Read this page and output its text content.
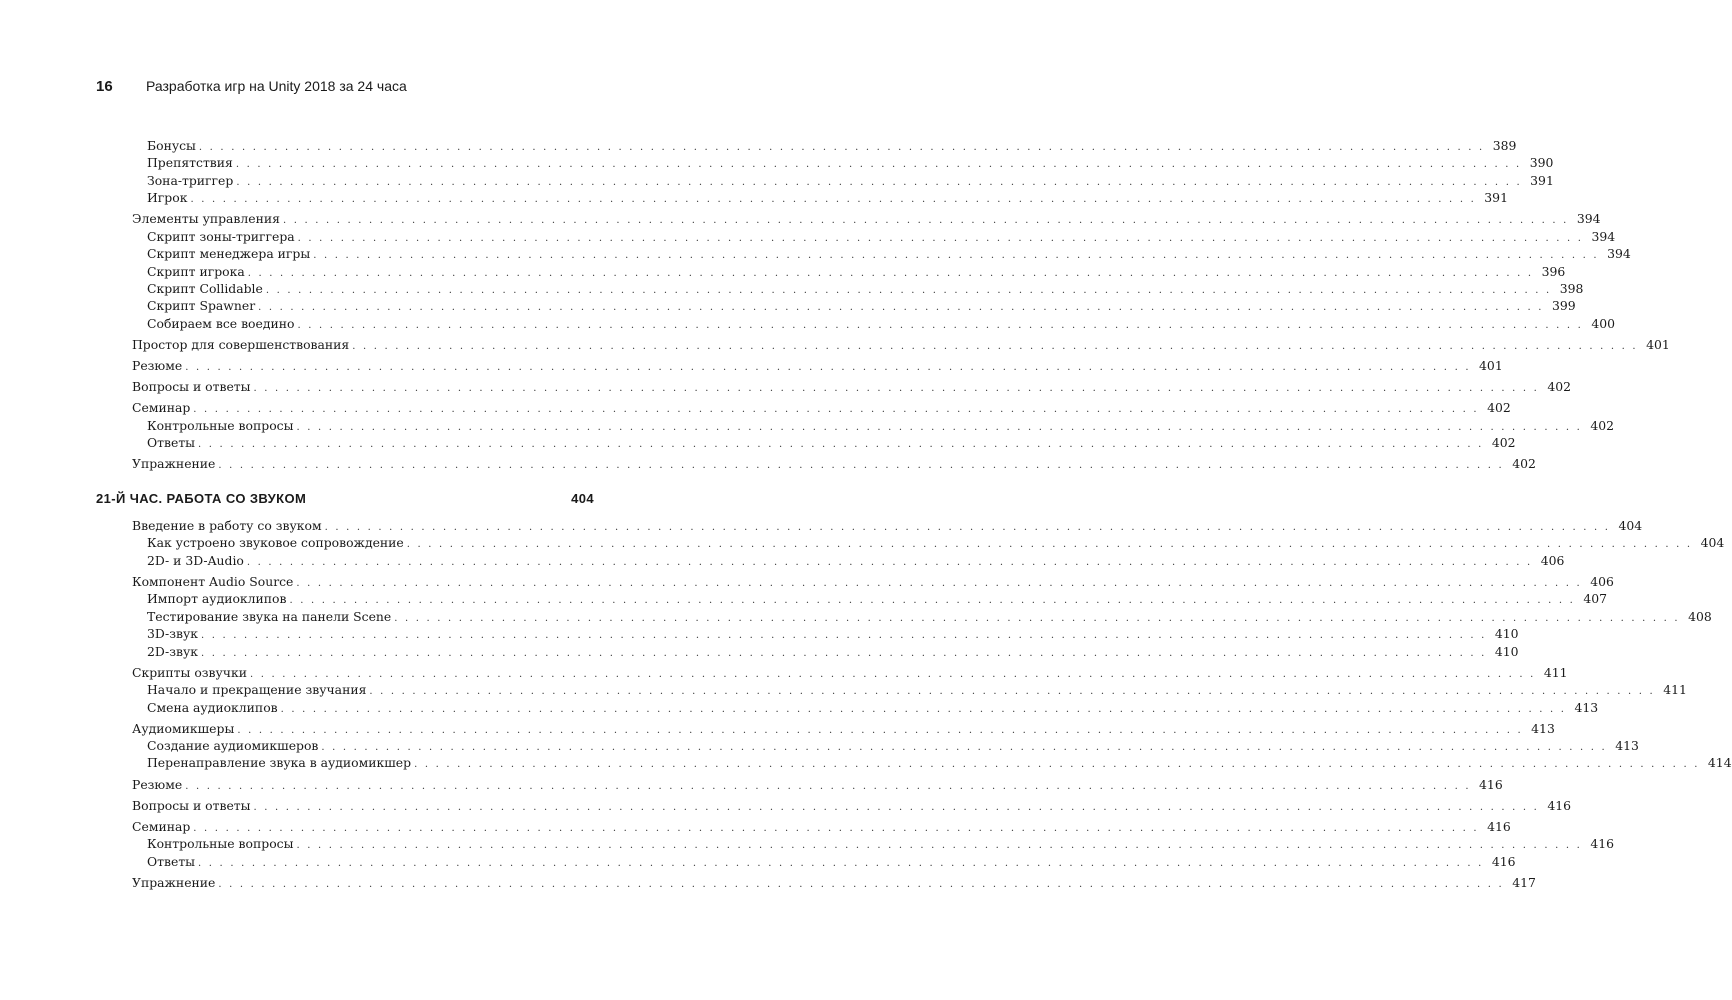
16 Разработка игр на Unity 2018 за 24 часа
Бонусы . . . . . . . . . . . . . . . . . . . . . . . . . . . . . . . . . . . . . . . . . . . . . . . . . . . . . . . . . . . . . . . . . . . . . . . . . . . . . . . . . . . . . . . . . . . . . . . . . . . . . . . . . . . . . . . . . . . . . . . . 389
Препятствия . . . . . . . . . . . . . . . . . . . . . . . . . . . . . . . . . . . . . . . . . . . . . . . . . . . . . . . . . . . . . . . . . . . . . . . . . . . . . . . . . . . . . . . . . . . . . . . . . . . . . . . . . . . . . . . . . . . . . . . . 390
Зона-триггер . . . . . . . . . . . . . . . . . . . . . . . . . . . . . . . . . . . . . . . . . . . . . . . . . . . . . . . . . . . . . . . . . . . . . . . . . . . . . . . . . . . . . . . . . . . . . . . . . . . . . . . . . . . . . . . . . . . . . . . . 391
Игрок . . . . . . . . . . . . . . . . . . . . . . . . . . . . . . . . . . . . . . . . . . . . . . . . . . . . . . . . . . . . . . . . . . . . . . . . . . . . . . . . . . . . . . . . . . . . . . . . . . . . . . . . . . . . . . . . . . . . . . . . 391
Элементы управления . . . . . . . . . . . . . . . . . . . . . . . . . . . . . . . . . . . . . . . . . . . . . . . . . . . . . . . . . . . . . . . . . . . . . . . . . . . . . . . . . . . . . . . . . . . . . . . . . . . . . . . . . . . . . . . . . . . . . . . . 394
Скрипт зоны-триггера . . . . . . . . . . . . . . . . . . . . . . . . . . . . . . . . . . . . . . . . . . . . . . . . . . . . . . . . . . . . . . . . . . . . . . . . . . . . . . . . . . . . . . . . . . . . . . . . . . . . . . . . . . . . . . . . . . . . . . . . 394
Скрипт менеджера игры . . . . . . . . . . . . . . . . . . . . . . . . . . . . . . . . . . . . . . . . . . . . . . . . . . . . . . . . . . . . . . . . . . . . . . . . . . . . . . . . . . . . . . . . . . . . . . . . . . . . . . . . . . . . . . . . . . . . . . . . 394
Скрипт игрока . . . . . . . . . . . . . . . . . . . . . . . . . . . . . . . . . . . . . . . . . . . . . . . . . . . . . . . . . . . . . . . . . . . . . . . . . . . . . . . . . . . . . . . . . . . . . . . . . . . . . . . . . . . . . . . . . . . . . . . . 396
Скрипт Collidable . . . . . . . . . . . . . . . . . . . . . . . . . . . . . . . . . . . . . . . . . . . . . . . . . . . . . . . . . . . . . . . . . . . . . . . . . . . . . . . . . . . . . . . . . . . . . . . . . . . . . . . . . . . . . . . . . . . . . . . . 398
Скрипт Spawner . . . . . . . . . . . . . . . . . . . . . . . . . . . . . . . . . . . . . . . . . . . . . . . . . . . . . . . . . . . . . . . . . . . . . . . . . . . . . . . . . . . . . . . . . . . . . . . . . . . . . . . . . . . . . . . . . . . . . . . . 399
Собираем все воедино . . . . . . . . . . . . . . . . . . . . . . . . . . . . . . . . . . . . . . . . . . . . . . . . . . . . . . . . . . . . . . . . . . . . . . . . . . . . . . . . . . . . . . . . . . . . . . . . . . . . . . . . . . . . . . . . . . . . . . . . 400
Простор для совершенствования . . . . . . . . . . . . . . . . . . . . . . . . . . . . . . . . . . . . . . . . . . . . . . . . . . . . . . . . . . . . . . . . . . . . . . . . . . . . . . . . . . . . . . . . . . . . . . . . . . . . . . . . . . . . . . . . . . . . . . . . 401
Резюме . . . . . . . . . . . . . . . . . . . . . . . . . . . . . . . . . . . . . . . . . . . . . . . . . . . . . . . . . . . . . . . . . . . . . . . . . . . . . . . . . . . . . . . . . . . . . . . . . . . . . . . . . . . . . . . . . . . . . . . . 401
Вопросы и ответы . . . . . . . . . . . . . . . . . . . . . . . . . . . . . . . . . . . . . . . . . . . . . . . . . . . . . . . . . . . . . . . . . . . . . . . . . . . . . . . . . . . . . . . . . . . . . . . . . . . . . . . . . . . . . . . . . . . . . . . . 402
Семинар . . . . . . . . . . . . . . . . . . . . . . . . . . . . . . . . . . . . . . . . . . . . . . . . . . . . . . . . . . . . . . . . . . . . . . . . . . . . . . . . . . . . . . . . . . . . . . . . . . . . . . . . . . . . . . . . . . . . . . . . 402
Контрольные вопросы . . . . . . . . . . . . . . . . . . . . . . . . . . . . . . . . . . . . . . . . . . . . . . . . . . . . . . . . . . . . . . . . . . . . . . . . . . . . . . . . . . . . . . . . . . . . . . . . . . . . . . . . . . . . . . . . . . . . . . . . 402
Ответы . . . . . . . . . . . . . . . . . . . . . . . . . . . . . . . . . . . . . . . . . . . . . . . . . . . . . . . . . . . . . . . . . . . . . . . . . . . . . . . . . . . . . . . . . . . . . . . . . . . . . . . . . . . . . . . . . . . . . . . . 402
Упражнение . . . . . . . . . . . . . . . . . . . . . . . . . . . . . . . . . . . . . . . . . . . . . . . . . . . . . . . . . . . . . . . . . . . . . . . . . . . . . . . . . . . . . . . . . . . . . . . . . . . . . . . . . . . . . . . . . . . . . . . . 402
21-Й ЧАС. РАБОТА СО ЗВУКОМ	404
Введение в работу со звуком . . . . . . . . . . . . . . . . . . . . . . . . . . . . . . . . . . . . . . . . . . . . . . . . . . . . . . . . . . . . . . . . . . . . . . . . . . . . . . . . . . . . . . . . . . . . . . . . . . . . . . . . . . . . . . . . . . . . . . . . 404
Как устроено звуковое сопровождение . . . . . . . . . . . . . . . . . . . . . . . . . . . . . . . . . . . . . . . . . . . . . . . . . . . . . . . . . . . . . . . . . . . . . . . . . . . . . . . . . . . . . . . . . . . . . . . . . . . . . . . . . . . . . . . . . . . . . . . . 404
2D- и 3D-Audio . . . . . . . . . . . . . . . . . . . . . . . . . . . . . . . . . . . . . . . . . . . . . . . . . . . . . . . . . . . . . . . . . . . . . . . . . . . . . . . . . . . . . . . . . . . . . . . . . . . . . . . . . . . . . . . . . . . . . . . . 406
Компонент Audio Source . . . . . . . . . . . . . . . . . . . . . . . . . . . . . . . . . . . . . . . . . . . . . . . . . . . . . . . . . . . . . . . . . . . . . . . . . . . . . . . . . . . . . . . . . . . . . . . . . . . . . . . . . . . . . . . . . . . . . . . . 406
Импорт аудиоклипов . . . . . . . . . . . . . . . . . . . . . . . . . . . . . . . . . . . . . . . . . . . . . . . . . . . . . . . . . . . . . . . . . . . . . . . . . . . . . . . . . . . . . . . . . . . . . . . . . . . . . . . . . . . . . . . . . . . . . . . . 407
Тестирование звука на панели Scene . . . . . . . . . . . . . . . . . . . . . . . . . . . . . . . . . . . . . . . . . . . . . . . . . . . . . . . . . . . . . . . . . . . . . . . . . . . . . . . . . . . . . . . . . . . . . . . . . . . . . . . . . . . . . . . . . . . . . . . . 408
3D-звук . . . . . . . . . . . . . . . . . . . . . . . . . . . . . . . . . . . . . . . . . . . . . . . . . . . . . . . . . . . . . . . . . . . . . . . . . . . . . . . . . . . . . . . . . . . . . . . . . . . . . . . . . . . . . . . . . . . . . . . . 410
2D-звук . . . . . . . . . . . . . . . . . . . . . . . . . . . . . . . . . . . . . . . . . . . . . . . . . . . . . . . . . . . . . . . . . . . . . . . . . . . . . . . . . . . . . . . . . . . . . . . . . . . . . . . . . . . . . . . . . . . . . . . . 410
Скрипты озвучки . . . . . . . . . . . . . . . . . . . . . . . . . . . . . . . . . . . . . . . . . . . . . . . . . . . . . . . . . . . . . . . . . . . . . . . . . . . . . . . . . . . . . . . . . . . . . . . . . . . . . . . . . . . . . . . . . . . . . . . . 411
Начало и прекращение звучания . . . . . . . . . . . . . . . . . . . . . . . . . . . . . . . . . . . . . . . . . . . . . . . . . . . . . . . . . . . . . . . . . . . . . . . . . . . . . . . . . . . . . . . . . . . . . . . . . . . . . . . . . . . . . . . . . . . . . . . . 411
Смена аудиоклипов . . . . . . . . . . . . . . . . . . . . . . . . . . . . . . . . . . . . . . . . . . . . . . . . . . . . . . . . . . . . . . . . . . . . . . . . . . . . . . . . . . . . . . . . . . . . . . . . . . . . . . . . . . . . . . . . . . . . . . . . 413
Аудиомикшеры . . . . . . . . . . . . . . . . . . . . . . . . . . . . . . . . . . . . . . . . . . . . . . . . . . . . . . . . . . . . . . . . . . . . . . . . . . . . . . . . . . . . . . . . . . . . . . . . . . . . . . . . . . . . . . . . . . . . . . . . 413
Создание аудиомикшеров . . . . . . . . . . . . . . . . . . . . . . . . . . . . . . . . . . . . . . . . . . . . . . . . . . . . . . . . . . . . . . . . . . . . . . . . . . . . . . . . . . . . . . . . . . . . . . . . . . . . . . . . . . . . . . . . . . . . . . . . 413
Перенаправление звука в аудиомикшер . . . . . . . . . . . . . . . . . . . . . . . . . . . . . . . . . . . . . . . . . . . . . . . . . . . . . . . . . . . . . . . . . . . . . . . . . . . . . . . . . . . . . . . . . . . . . . . . . . . . . . . . . . . . . . . . . . . . . . . . 414
Резюме . . . . . . . . . . . . . . . . . . . . . . . . . . . . . . . . . . . . . . . . . . . . . . . . . . . . . . . . . . . . . . . . . . . . . . . . . . . . . . . . . . . . . . . . . . . . . . . . . . . . . . . . . . . . . . . . . . . . . . . . 416
Вопросы и ответы . . . . . . . . . . . . . . . . . . . . . . . . . . . . . . . . . . . . . . . . . . . . . . . . . . . . . . . . . . . . . . . . . . . . . . . . . . . . . . . . . . . . . . . . . . . . . . . . . . . . . . . . . . . . . . . . . . . . . . . . 416
Семинар . . . . . . . . . . . . . . . . . . . . . . . . . . . . . . . . . . . . . . . . . . . . . . . . . . . . . . . . . . . . . . . . . . . . . . . . . . . . . . . . . . . . . . . . . . . . . . . . . . . . . . . . . . . . . . . . . . . . . . . . 416
Контрольные вопросы . . . . . . . . . . . . . . . . . . . . . . . . . . . . . . . . . . . . . . . . . . . . . . . . . . . . . . . . . . . . . . . . . . . . . . . . . . . . . . . . . . . . . . . . . . . . . . . . . . . . . . . . . . . . . . . . . . . . . . . . 416
Ответы . . . . . . . . . . . . . . . . . . . . . . . . . . . . . . . . . . . . . . . . . . . . . . . . . . . . . . . . . . . . . . . . . . . . . . . . . . . . . . . . . . . . . . . . . . . . . . . . . . . . . . . . . . . . . . . . . . . . . . . . 416
Упражнение . . . . . . . . . . . . . . . . . . . . . . . . . . . . . . . . . . . . . . . . . . . . . . . . . . . . . . . . . . . . . . . . . . . . . . . . . . . . . . . . . . . . . . . . . . . . . . . . . . . . . . . . . . . . . . . . . . . . . . . . 417
